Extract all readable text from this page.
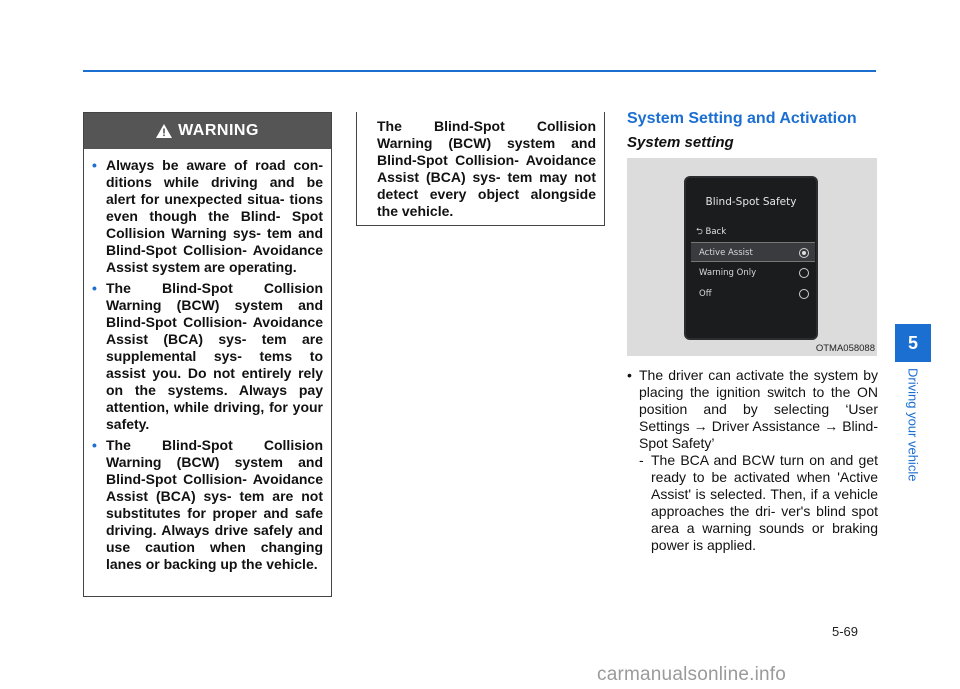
WARNING
• Always be aware of road con- ditions while driving and be alert for unexpected situa- tions even though the Blind- Spot Collision Warning sys- tem and Blind-Spot Collision- Avoidance Assist system are operating.
• The Blind-Spot Collision Warning (BCW) system and Blind-Spot Collision- Avoidance Assist (BCA) sys- tem are supplemental sys- tems to assist you. Do not entirely rely on the systems. Always pay attention, while driving, for your safety.
• The Blind-Spot Collision Warning (BCW) system and Blind-Spot Collision- Avoidance Assist (BCA) sys- tem are not substitutes for proper and safe driving. Always drive safely and use caution when changing lanes or backing up the vehicle.

The Blind-Spot Collision Warning (BCW) system and Blind-Spot Collision- Avoidance Assist (BCA) sys- tem may not detect every object alongside the vehicle.

System Setting and Activation
System setting
Blind-Spot Safety
⮌ Back
Active Assist
Warning Only
Off
OTMA058088
• The driver can activate the system by placing the ignition switch to the ON position and by selecting ‘User Settings → Driver Assistance → Blind-Spot Safety’
- The BCA and BCW turn on and get ready to be activated when 'Active Assist' is selected. Then, if a vehicle approaches the dri- ver's blind spot area a warning sounds or braking power is applied.
5
Driving your vehicle
5-69
carmanualsonline.info
